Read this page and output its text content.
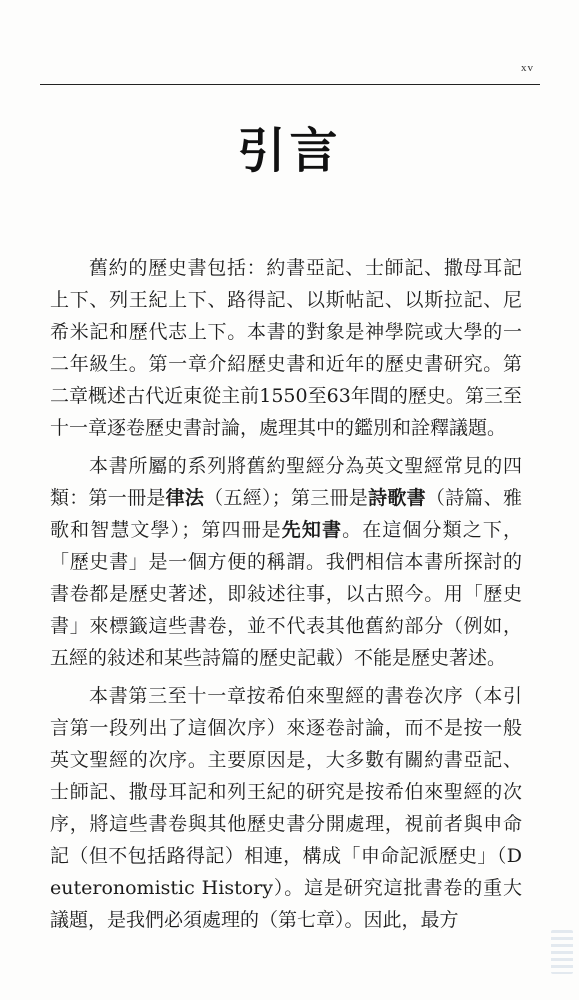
xv
引言

舊約的歷史書包括：約書亞記、士師記、撒母耳記上下、列王紀上下、路得記、以斯帖記、以斯拉記、尼希米記和歷代志上下。本書的對象是神學院或大學的一二年級生。第一章介紹歷史書和近年的歷史書研究。第二章概述古代近東從主前1550至63年間的歷史。第三至十一章逐卷歷史書討論，處理其中的鑑別和詮釋議題。

本書所屬的系列將舊約聖經分為英文聖經常見的四類：第一冊是律法（五經）；第三冊是詩歌書（詩篇、雅歌和智慧文學）；第四冊是先知書。在這個分類之下，「歷史書」是一個方便的稱謂。我們相信本書所探討的書卷都是歷史著述，即敍述往事，以古照今。用「歷史書」來標籤這些書卷，並不代表其他舊約部分（例如，五經的敍述和某些詩篇的歷史記載）不能是歷史著述。

本書第三至十一章按希伯來聖經的書卷次序（本引言第一段列出了這個次序）來逐卷討論，而不是按一般英文聖經的次序。主要原因是，大多數有關約書亞記、士師記、撒母耳記和列王紀的研究是按希伯來聖經的次序，將這些書卷與其他歷史書分開處理，視前者與申命記（但不包括路得記）相連，構成「申命記派歷史」（Deuteronomistic History）。這是研究這批書卷的重大議題，是我們必須處理的（第七章）。因此，最方
